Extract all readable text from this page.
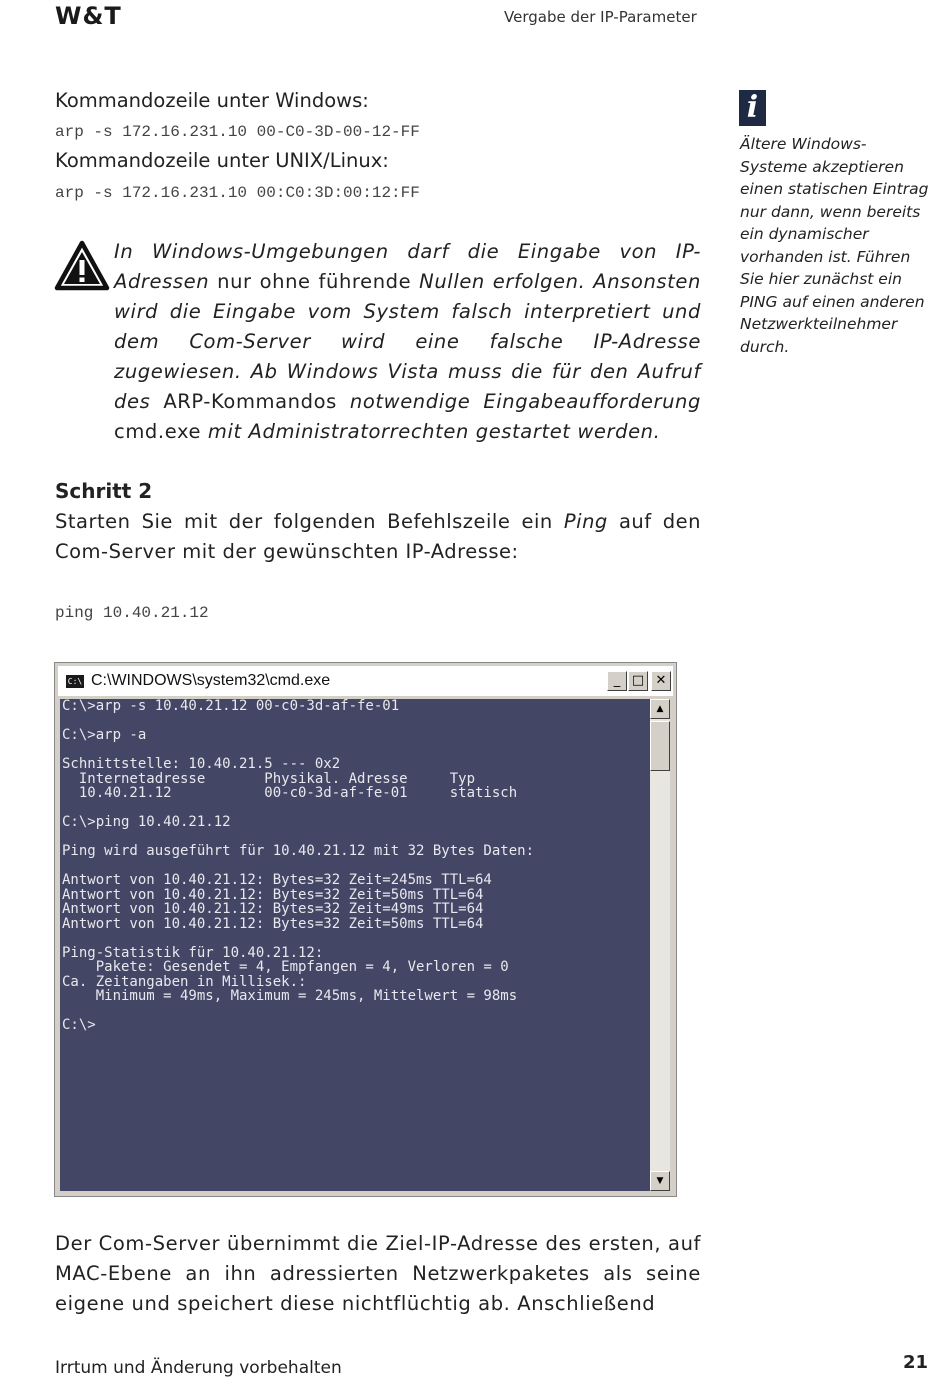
W&T	Vergabe der IP-Parameter
Kommandozeile unter Windows:
arp -s 172.16.231.10 00-C0-3D-00-12-FF
Kommandozeile unter UNIX/Linux:
arp -s 172.16.231.10 00:C0:3D:00:12:FF
In Windows-Umgebungen darf die Eingabe von IP-Adressen nur ohne führende Nullen erfolgen. Ansonsten wird die Eingabe vom System falsch interpretiert und dem Com-Server wird eine falsche IP-Adresse zugewiesen. Ab Windows Vista muss die für den Aufruf des ARP-Kommandos notwendige Eingabeaufforderung cmd.exe mit Administratorrechten gestartet werden.
i
Ältere Windows-Systeme akzeptieren einen statischen Eintrag nur dann, wenn bereits ein dynamischer vorhanden ist. Führen Sie hier zunächst ein PING auf einen anderen Netzwerkteilnehmer durch.
Schritt 2
Starten Sie mit der folgenden Befehlszeile ein Ping auf den Com-Server mit der gewünschten IP-Adresse:
ping 10.40.21.12
C:\ C:\WINDOWS\system32\cmd.exe	_ □ ✕
C:\>arp -s 10.40.21.12 00-c0-3d-af-fe-01
C:\>arp -a
Schnittstelle: 10.40.21.5 --- 0x2
Internetadresse       Physikal. Adresse     Typ
10.40.21.12           00-c0-3d-af-fe-01     statisch
C:\>ping 10.40.21.12
Ping wird ausgeführt für 10.40.21.12 mit 32 Bytes Daten:
Antwort von 10.40.21.12: Bytes=32 Zeit=245ms TTL=64
Antwort von 10.40.21.12: Bytes=32 Zeit=50ms TTL=64
Antwort von 10.40.21.12: Bytes=32 Zeit=49ms TTL=64
Antwort von 10.40.21.12: Bytes=32 Zeit=50ms TTL=64
Ping-Statistik für 10.40.21.12:
Pakete: Gesendet = 4, Empfangen = 4, Verloren = 0
Ca. Zeitangaben in Millisek.:
Minimum = 49ms, Maximum = 245ms, Mittelwert = 98ms
C:\>
▲
▼
Der Com-Server übernimmt die Ziel-IP-Adresse des ersten, auf MAC-Ebene an ihn adressierten Netzwerkpaketes als seine eigene und speichert diese nichtflüchtig ab. Anschließend
Irrtum und Änderung vorbehalten	21
